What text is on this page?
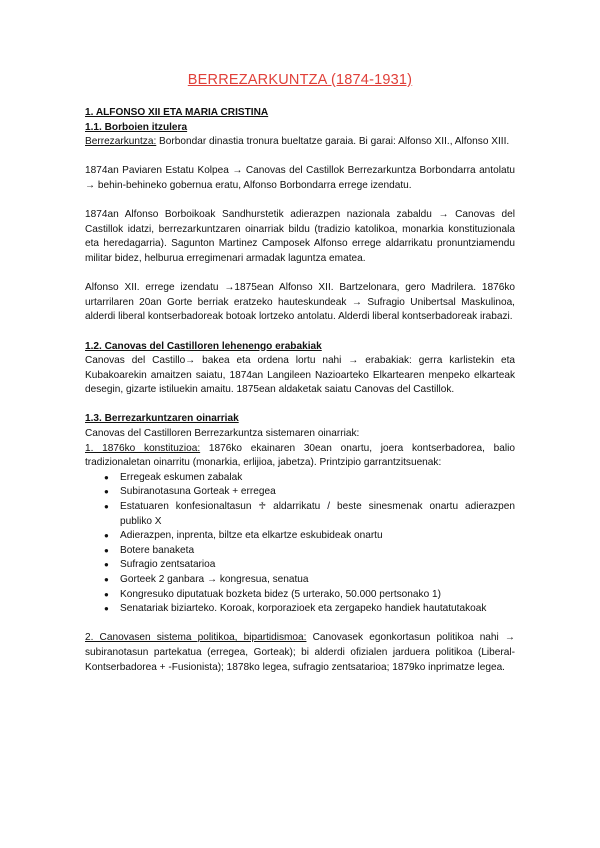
BERREZARKUNTZA (1874-1931)

1. ALFONSO XII ETA MARIA CRISTINA

1.1. Borboien itzulera

Berrezarkuntza: Borbondar dinastia tronura bueltatze garaia. Bi garai: Alfonso XII., Alfonso XIII.

1874an Paviaren Estatu Kolpea → Canovas del Castillok Berrezarkuntza Borbondarra antolatu → behin-behineko gobernua eratu, Alfonso Borbondarra errege izendatu.

1874an Alfonso Borboikoak Sandhurstetik adierazpen nazionala zabaldu → Canovas del Castillok idatzi, berrezarkuntzaren oinarriak bildu (tradizio katolikoa, monarkia konstituzionala eta heredagarria). Sagunton Martinez Camposek Alfonso errege aldarrikatu pronuntziamendu militar bidez, helburua erregimenari armadak laguntza ematea.

Alfonso XII. errege izendatu →1875ean Alfonso XII. Bartzelonara, gero Madrilera. 1876ko urtarrilaren 20an Gorte berriak eratzeko hauteskundeak → Sufragio Unibertsal Maskulinoa, alderdi liberal kontserbadoreak botoak lortzeko antolatu. Alderdi liberal kontserbadoreak irabazi.

1.2. Canovas del Castilloren lehenengo erabakiak

Canovas del Castillo→ bakea eta ordena lortu nahi → erabakiak: gerra karlistekin eta Kubakoarekin amaitzen saiatu, 1874an Langileen Nazioarteko Elkartearen menpeko elkarteak desegin, gizarte istiluekin amaitu. 1875ean aldaketak saiatu Canovas del Castillok.

1.3. Berrezarkuntzaren oinarriak

Canovas del Castilloren Berrezarkuntza sistemaren oinarriak:

1. 1876ko konstituzioa: 1876ko ekainaren 30ean onartu, joera kontserbadorea, balio tradizionaletan oinarritu (monarkia, erlijioa, jabetza). Printzipio garrantzitsuenak:

● Erregeak eskumen zabalak
● Subiranotasuna Gorteak + erregea
● Estatuaren konfesionaltasun ♱ aldarrikatu / beste sinesmenak onartu adierazpen publiko X
● Adierazpen, inprenta, biltze eta elkartze eskubideak onartu
● Botere banaketa
● Sufragio zentsatarioa
● Gorteek 2 ganbara → kongresua, senatua
● Kongresuko diputatuak bozketa bidez (5 urterako, 50.000 pertsonako 1)
● Senatariak biziarteko. Koroak, korporazioek eta zergapeko handiek hautatutakoak

2. Canovasen sistema politikoa, bipartidismoa: Canovasek egonkortasun politikoa nahi → subiranotasun partekatua (erregea, Gorteak); bi alderdi ofizialen jarduera politikoa (Liberal-Kontserbadorea + -Fusionista); 1878ko legea, sufragio zentsatarioa; 1879ko inprimatze legea.
